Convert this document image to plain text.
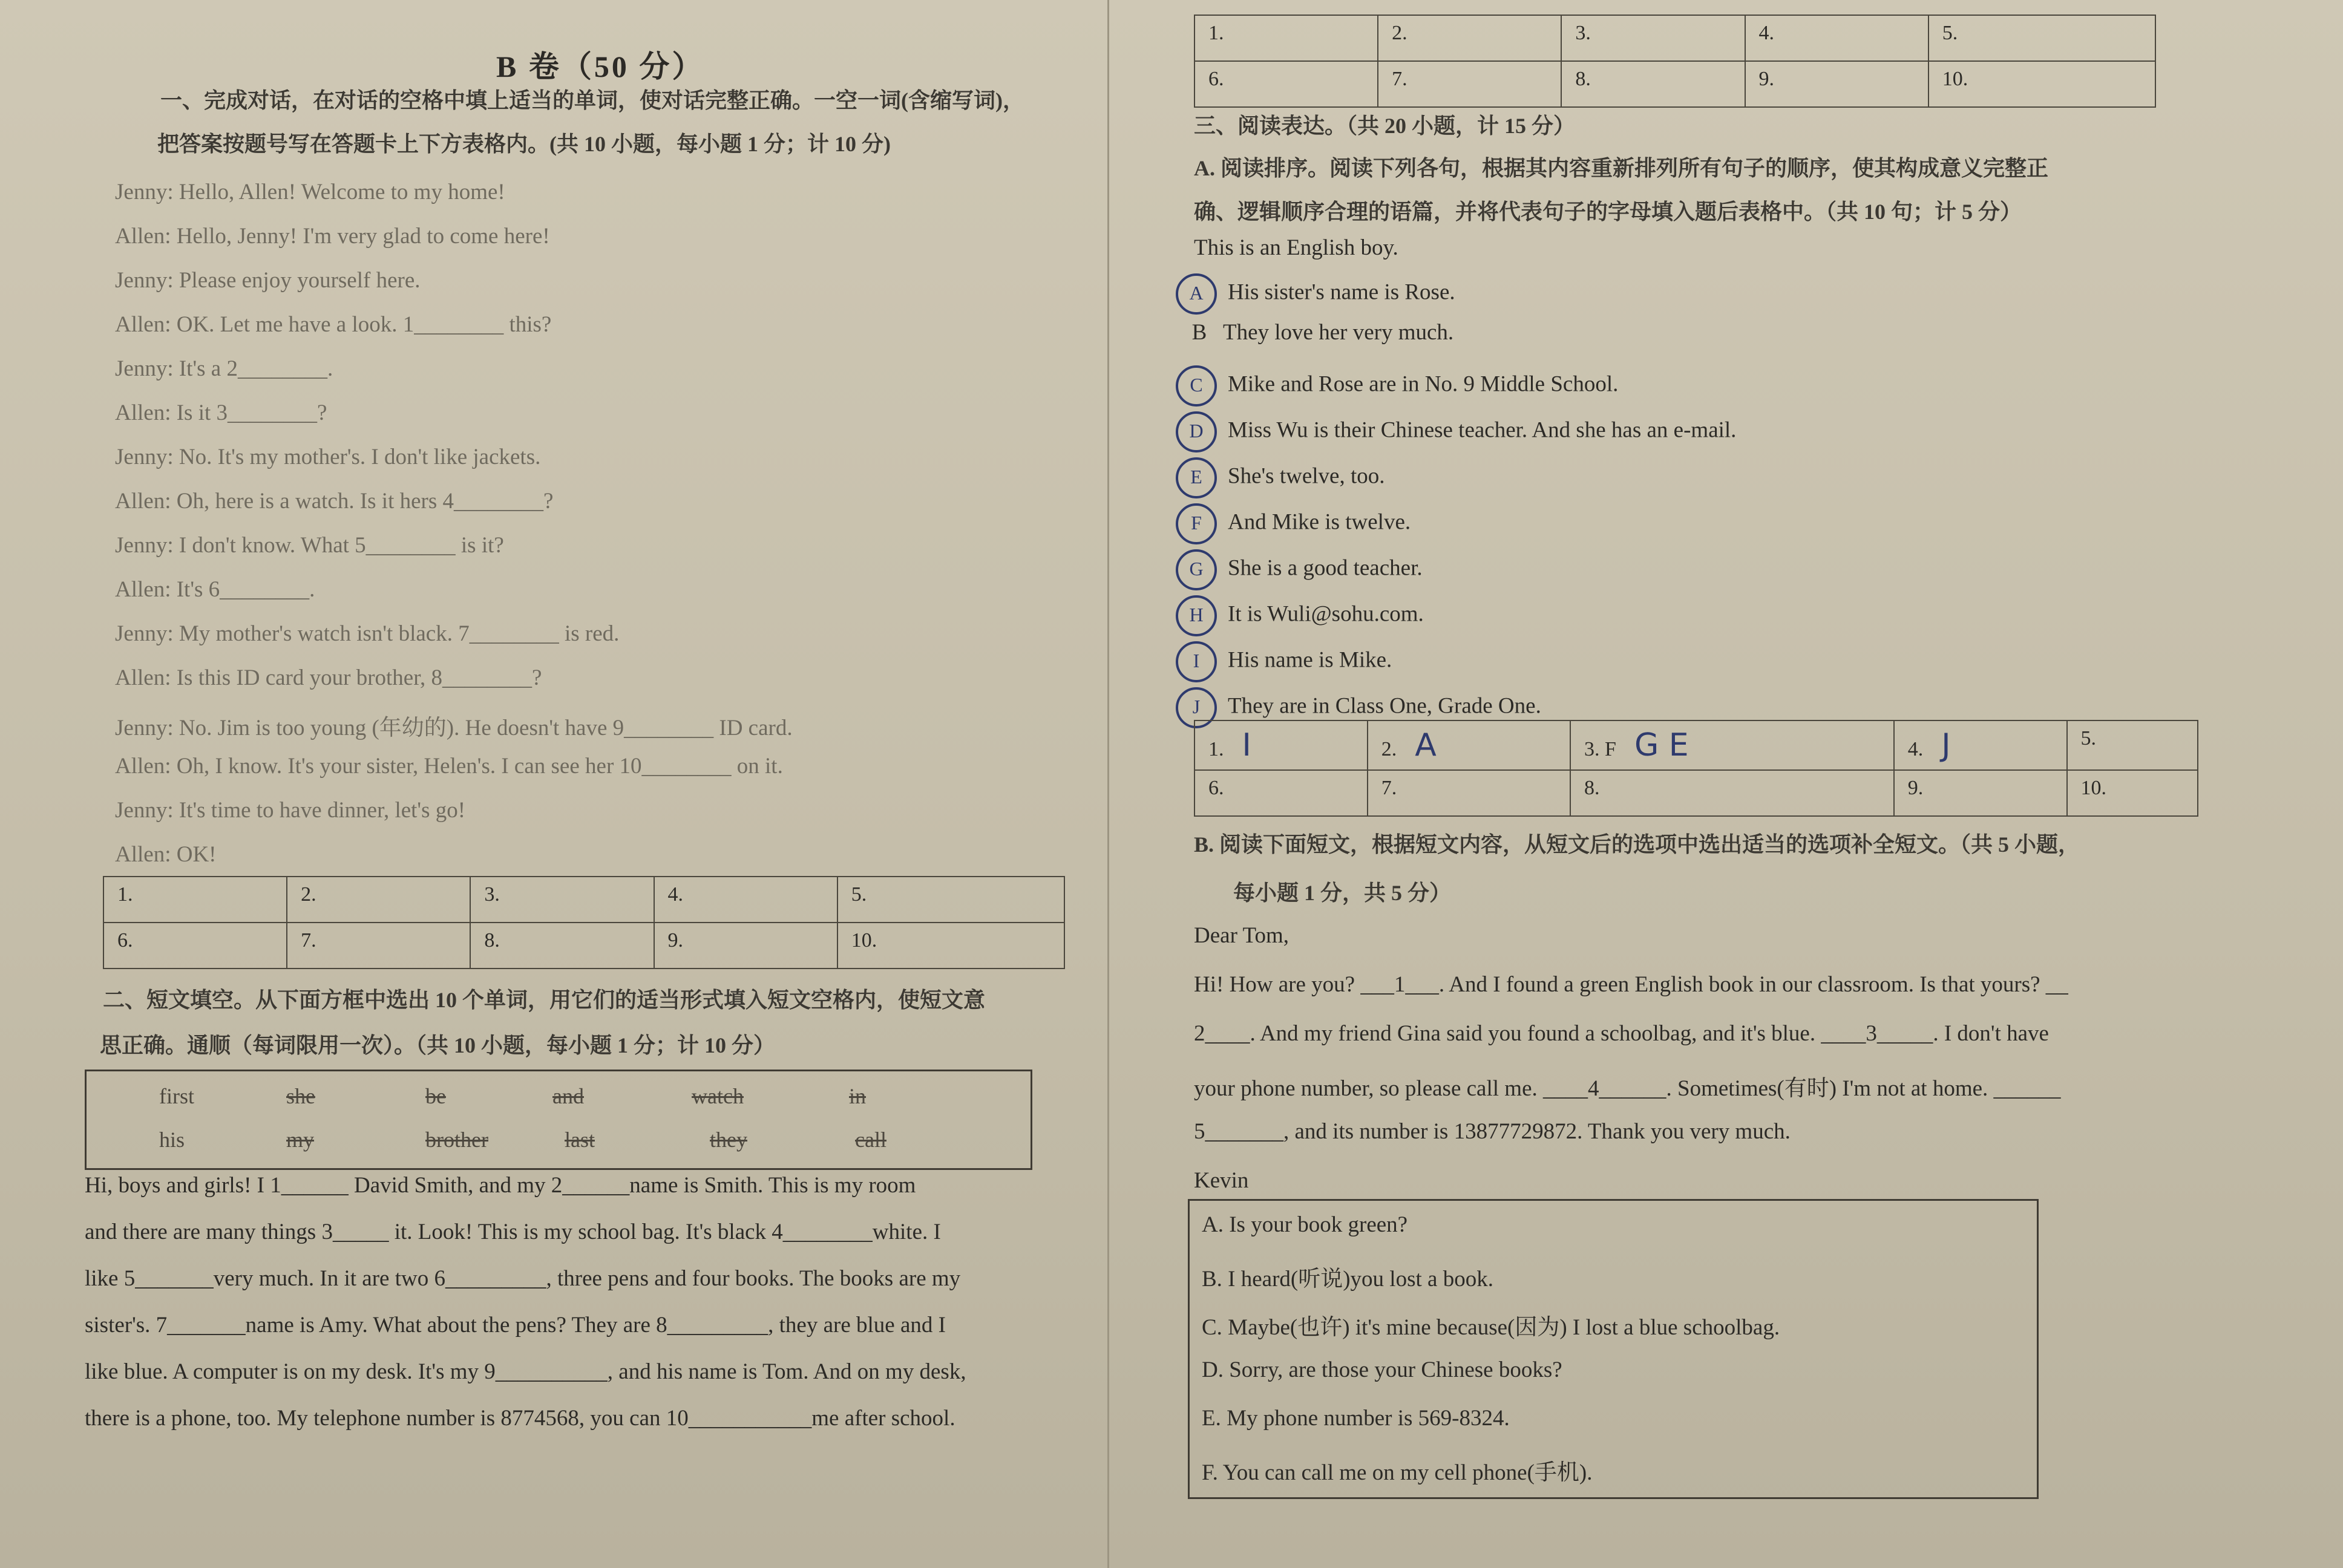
B 卷（50 分）
一、完成对话，在对话的空格中填上适当的单词，使对话完整正确。一空一词(含缩写词)，
把答案按题号写在答题卡上下方表格内。(共 10 小题，每小题 1 分；计 10 分)
Jenny: Hello, Allen! Welcome to my home!
Allen: Hello, Jenny! I'm very glad to come here!
Jenny: Please enjoy yourself here.
Allen: OK. Let me have a look. 1________ this?
Jenny: It's a 2________.
Allen: Is it 3________?
Jenny: No. It's my mother's. I don't like jackets.
Allen: Oh, here is a watch. Is it hers 4________?
Jenny: I don't know. What 5________ is it?
Allen: It's 6________.
Jenny: My mother's watch isn't black. 7________ is red.
Allen: Is this ID card your brother, 8________?
Jenny: No. Jim is too young (年幼的). He doesn't have 9________ ID card.
Allen: Oh, I know. It's your sister, Helen's. I can see her 10________ on it.
Jenny: It's time to have dinner, let's go!
Allen: OK!
1.	2.	3.	4.	5.
6.	7.	8.	9.	10.
二、短文填空。从下面方框中选出 10 个单词，用它们的适当形式填入短文空格内，使短文意
思正确。通顺（每词限用一次）。（共 10 小题，每小题 1 分；计 10 分）
first	she	be	and	watch	in
his	my	brother	last	they	call
Hi, boys and girls! I 1______ David Smith, and my 2______name is Smith. This is my room
and there are many things 3_____ it. Look! This is my school bag. It's black 4________white. I
like 5_______very much. In it are two 6_________, three pens and four books. The books are my
sister's. 7_______name is Amy. What about the pens? They are 8_________, they are blue and I
like blue. A computer is on my desk. It's my 9__________, and his name is Tom. And on my desk,
there is a phone, too. My telephone number is 8774568, you can 10___________me after school.
1.	2.	3.	4.	5.
6.	7.	8.	9.	10.
三、阅读表达。（共 20 小题，计 15 分）
A. 阅读排序。阅读下列各句，根据其内容重新排列所有句子的顺序，使其构成意义完整正
确、逻辑顺序合理的语篇，并将代表句子的字母填入题后表格中。（共 10 句；计 5 分）
This is an English boy.
A His sister's name is Rose.
B They love her very much.
C Mike and Rose are in No. 9 Middle School.
D Miss Wu is their Chinese teacher. And she has an e-mail.
E She's twelve, too.
F And Mike is twelve.
G She is a good teacher.
H It is Wuli@sohu.com.
I His name is Mike.
J They are in Class One, Grade One.
1. I	2. A	3. F G E	4. J	5.
6.	7.	8.	9.	10.
B. 阅读下面短文，根据短文内容，从短文后的选项中选出适当的选项补全短文。（共 5 小题，
每小题 1 分，共 5 分）
Dear Tom,
Hi! How are you? ___1___. And I found a green English book in our classroom. Is that yours? __
2____. And my friend Gina said you found a schoolbag, and it's blue. ____3_____. I don't have
your phone number, so please call me. ____4______. Sometimes(有时) I'm not at home. ______
5_______, and its number is 13877729872. Thank you very much.
Kevin
A. Is your book green?
B. I heard(听说)you lost a book.
C. Maybe(也许) it's mine because(因为) I lost a blue schoolbag.
D. Sorry, are those your Chinese books?
E. My phone number is 569-8324.
F. You can call me on my cell phone(手机).
